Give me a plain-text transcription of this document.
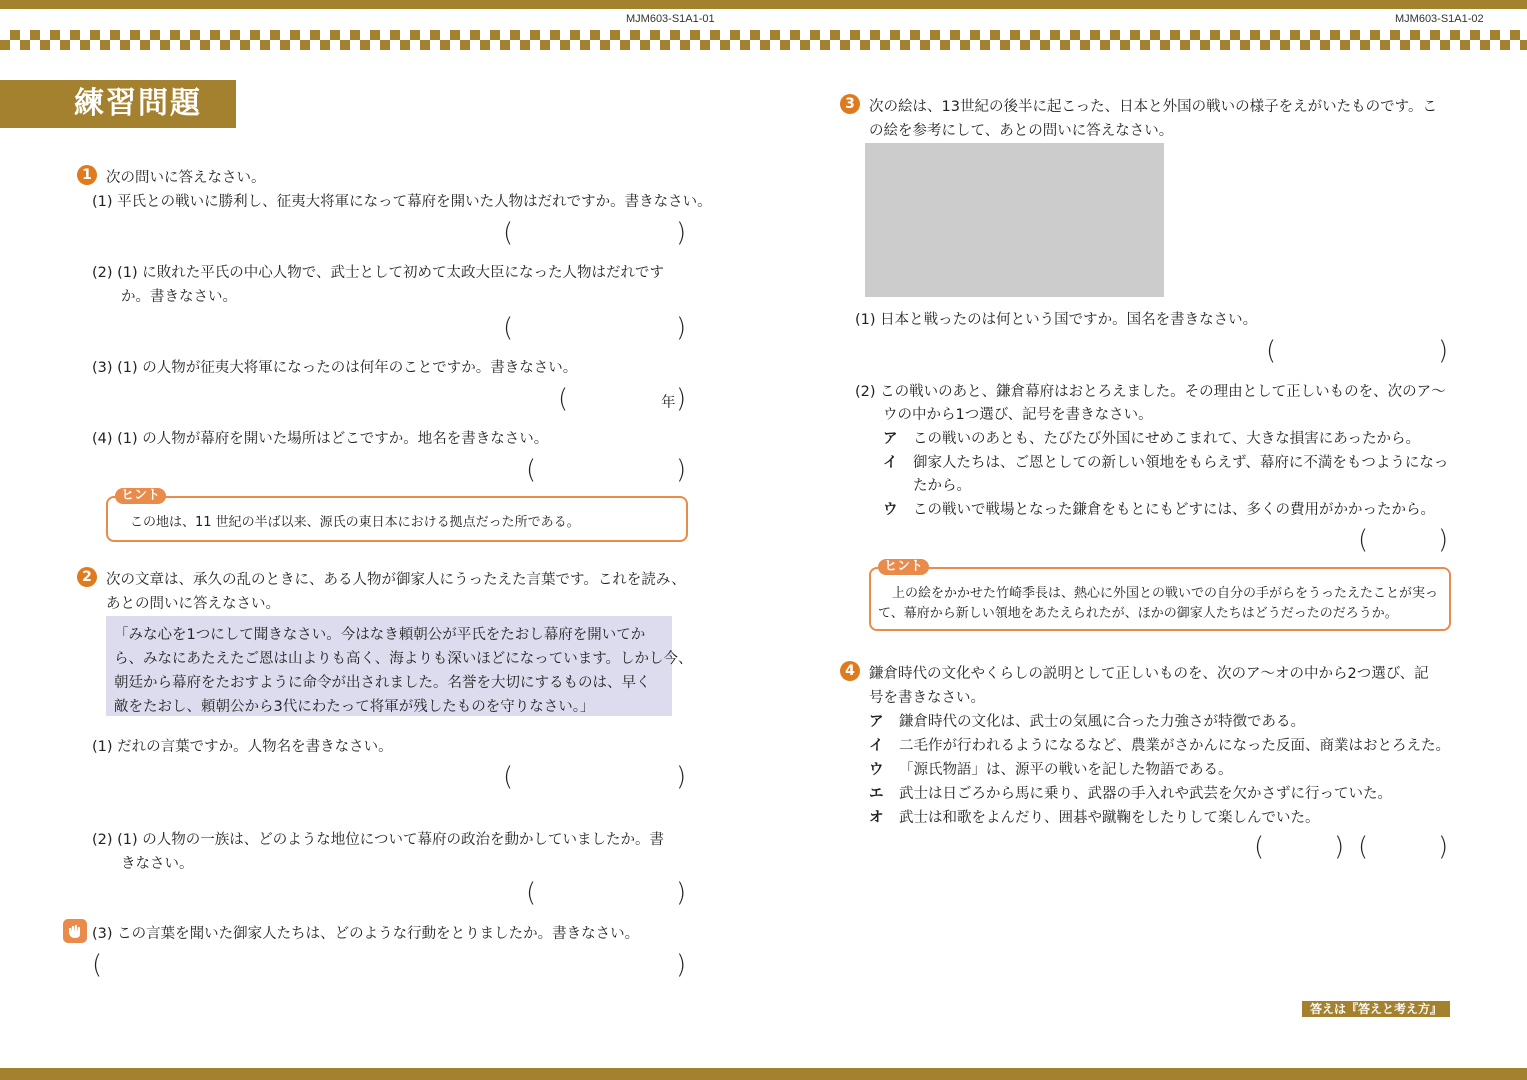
MJM603-S1A1-01	MJM603-S1A1-02
練習問題
1 次の問いに答えなさい。
(1) 平氏との戦いに勝利し、征夷大将軍になって幕府を開いた人物はだれですか。書きなさい。
(	)
(2) (1) に敗れた平氏の中心人物で、武士として初めて太政大臣になった人物はだれです
か。書きなさい。
(	)
(3) (1) の人物が征夷大将軍になったのは何年のことですか。書きなさい。
(	年 )
(4) (1) の人物が幕府を開いた場所はどこですか。地名を書きなさい。
(	)
ヒント
この地は、11 世紀の半ば以来、源氏の東日本における拠点だった所である。
2 次の文章は、承久の乱のときに、ある人物が御家人にうったえた言葉です。これを読み、
あとの問いに答えなさい。
「みな心を1つにして聞きなさい。今はなき頼朝公が平氏をたおし幕府を開いてか
ら、みなにあたえたご恩は山よりも高く、海よりも深いほどになっています。しかし今、
朝廷から幕府をたおすように命令が出されました。名誉を大切にするものは、早く
敵をたおし、頼朝公から3代にわたって将軍が残したものを守りなさい。」
(1) だれの言葉ですか。人物名を書きなさい。
(	)
(2) (1) の人物の一族は、どのような地位について幕府の政治を動かしていましたか。書
きなさい。
(	)
(3) この言葉を聞いた御家人たちは、どのような行動をとりましたか。書きなさい。
(	)
3 次の絵は、13世紀の後半に起こった、日本と外国の戦いの様子をえがいたものです。こ
の絵を参考にして、あとの問いに答えなさい。
(1) 日本と戦ったのは何という国ですか。国名を書きなさい。
(	)
(2) この戦いのあと、鎌倉幕府はおとろえました。その理由として正しいものを、次のア〜
ウの中から1つ選び、記号を書きなさい。
ア この戦いのあとも、たびたび外国にせめこまれて、大きな損害にあったから。
イ 御家人たちは、ご恩としての新しい領地をもらえず、幕府に不満をもつようになっ
たから。
ウ この戦いで戦場となった鎌倉をもとにもどすには、多くの費用がかかったから。
(	)
ヒント
上の絵をかかせた竹崎季長は、熱心に外国との戦いでの自分の手がらをうったえたことが実っ
て、幕府から新しい領地をあたえられたが、ほかの御家人たちはどうだったのだろうか。
4 鎌倉時代の文化やくらしの説明として正しいものを、次のア〜オの中から2つ選び、記
号を書きなさい。
ア 鎌倉時代の文化は、武士の気風に合った力強さが特徴である。
イ 二毛作が行われるようになるなど、農業がさかんになった反面、商業はおとろえた。
ウ 「源氏物語」は、源平の戦いを記した物語である。
エ 武士は日ごろから馬に乗り、武器の手入れや武芸を欠かさずに行っていた。
オ 武士は和歌をよんだり、囲碁や蹴鞠をしたりして楽しんでいた。
(	) (	)
答えは『答えと考え方』
